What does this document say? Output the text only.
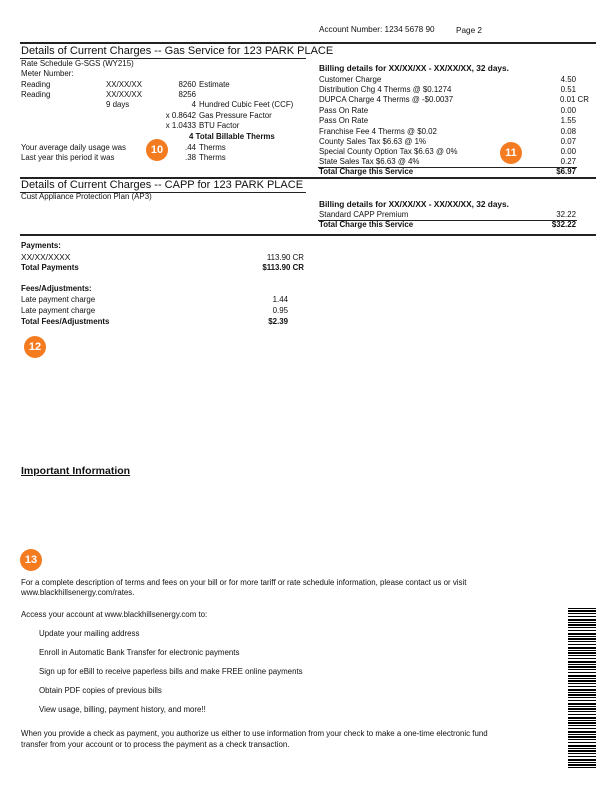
Account Number: 1234 5678 90	Page 2
Details of Current Charges -- Gas Service for 123 PARK PLACE
Rate Schedule G-SGS (WY215)
Meter Number:
Reading	XX/XX/XX	8260 Estimate
Reading	XX/XX/XX	8256
9 days	4 Hundred Cubic Feet (CCF)
x 0.8642 Gas Pressure Factor
x 1.0433 BTU Factor
4 Total Billable Therms
Your average daily usage was	.44 Therms
Last year this period it was	.38 Therms
10
Billing details for XX/XX/XX - XX/XX/XX, 32 days.
Customer Charge	4.50
Distribution Chg 4 Therms @ $0.1274	0.51
DUPCA Charge 4 Therms @ -$0.0037	0.01 CR
Pass On Rate	0.00
Pass On Rate	1.55
Franchise Fee 4 Therms @ $0.02	0.08
County Sales Tax $6.63 @ 1%	0.07
Special County Option Tax $6.63 @ 0%	0.00
State Sales Tax $6.63 @ 4%	0.27
Total Charge this Service	$6.97
11
Details of Current Charges -- CAPP for 123 PARK PLACE
Cust Appliance Protection Plan (AP3)
Billing details for XX/XX/XX - XX/XX/XX, 32 days.
Standard CAPP Premium	32.22
Total Charge this Service	$32.22
Payments:
XX/XX/XXXX	113.90 CR
Total Payments	$113.90 CR
Fees/Adjustments:
Late payment charge	1.44
Late payment charge	0.95
Total Fees/Adjustments	$2.39
12
Important Information
13
For a complete description of terms and fees on your bill or for more tariff or rate schedule information, please contact us or visit
www.blackhillsenergy.com/rates.
Access your account at www.blackhillsenergy.com to:
Update your mailing address
Enroll in Automatic Bank Transfer for electronic payments
Sign up for eBill to receive paperless bills and make FREE online payments
Obtain PDF copies of previous bills
View usage, billing, payment history, and more!!
When you provide a check as payment, you authorize us either to use information from your check to make a one-time electronic fund
transfer from your account or to process the payment as a check transaction.
